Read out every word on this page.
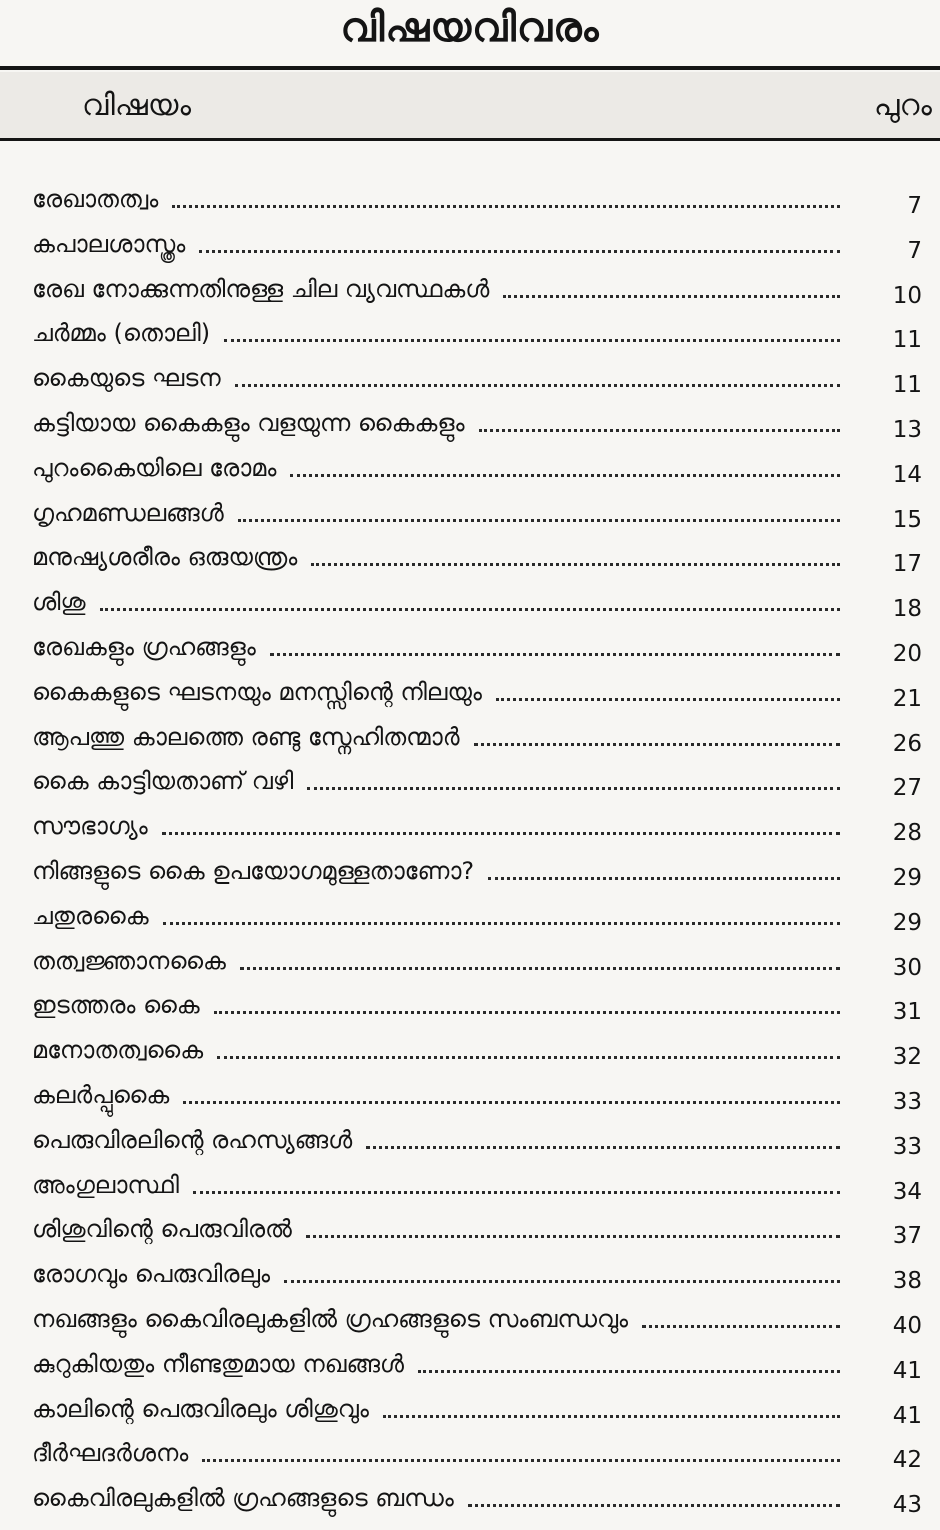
വിഷയവിവരം
വിഷയം	പുറം
രേഖാതത്വം	7
കപാലശാസ്ത്രം	7
രേഖ നോക്കുന്നതിനുള്ള ചില വ്യവസ്ഥകൾ	10
ചർമ്മം (തൊലി)	11
കൈയുടെ ഘടന	11
കട്ടിയായ കൈകളും വളയുന്ന കൈകളും	13
പുറംകൈയിലെ രോമം	14
ഗൃഹമണ്ഡലങ്ങൾ	15
മനുഷ്യശരീരം ഒരുയന്ത്രം	17
ശിശു	18
രേഖകളും ഗ്രഹങ്ങളും	20
കൈകളുടെ ഘടനയും മനസ്സിന്റെ നിലയും	21
ആപത്തു കാലത്തെ രണ്ടു സ്നേഹിതന്മാർ	26
കൈ കാട്ടിയതാണ് വഴി	27
സൗഭാഗ്യം	28
നിങ്ങളുടെ കൈ ഉപയോഗമുള്ളതാണോ?	29
ചതുരകൈ	29
തത്വജ്ഞാനകൈ	30
ഇടത്തരം കൈ	31
മനോതത്വകൈ	32
കലർപ്പുകൈ	33
പെരുവിരലിന്റെ രഹസ്യങ്ങൾ	33
അംഗുലാസ്ഥി	34
ശിശുവിന്റെ പെരുവിരൽ	37
രോഗവും പെരുവിരലും	38
നഖങ്ങളും കൈവിരലുകളിൽ ഗ്രഹങ്ങളുടെ സംബന്ധവും	40
കുറുകിയതും നീണ്ടതുമായ നഖങ്ങൾ	41
കാലിന്റെ പെരുവിരലും ശിശുവും	41
ദീർഘദർശനം	42
കൈവിരലുകളിൽ ഗ്രഹങ്ങളുടെ ബന്ധം	43
